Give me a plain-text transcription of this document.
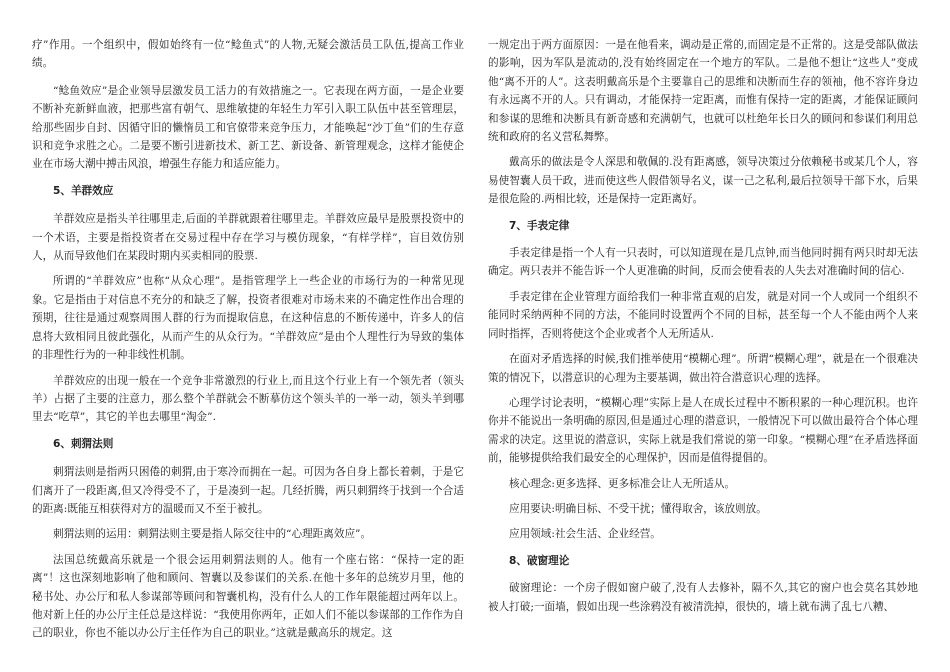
疗”作用。一个组织中，假如始终有一位“鲶鱼式”的人物,无疑会激活员工队伍,提高工作业绩。

“鲶鱼效应”是企业领导层激发员工活力的有效措施之一。它表现在两方面，一是企业要不断补充新鲜血液，把那些富有朝气、思维敏捷的年轻生力军引入职工队伍中甚至管理层，给那些固步自封、因循守旧的懒惰员工和官僚带来竞争压力，才能唤起“沙丁鱼”们的生存意识和竞争求胜之心。二是要不断引进新技术、新工艺、新设备、新管理观念，这样才能使企业在市场大潮中搏击风浪，增强生存能力和适应能力。

5、羊群效应

羊群效应是指头羊往哪里走,后面的羊群就跟着往哪里走。羊群效应最早是股票投资中的一个术语，主要是指投资者在交易过程中存在学习与模仿现象，“有样学样”，盲目效仿别人，从而导致他们在某段时期内买卖相同的股票.

所谓的“羊群效应”也称“从众心理”。是指管理学上一些企业的市场行为的一种常见现象。它是指由于对信息不充分的和缺乏了解，投资者很难对市场未来的不确定性作出合理的预期，往往是通过观察周围人群的行为而提取信息，在这种信息的不断传递中，许多人的信息将大致相同且彼此强化，从而产生的从众行为。“羊群效应”是由个人理性行为导致的集体的非理性行为的一种非线性机制。

羊群效应的出现一般在一个竞争非常激烈的行业上,而且这个行业上有一个领先者（领头羊）占据了主要的注意力，那么整个羊群就会不断摹仿这个领头羊的一举一动，领头羊到哪里去“吃草”，其它的羊也去哪里“淘金”.

6、刺猬法则

刺猬法则是指两只困倦的刺猬,由于寒冷而拥在一起。可因为各自身上都长着刺，于是它们离开了一段距离,但又冷得受不了，于是凑到一起。几经折腾，两只刺猬终于找到一个合适的距离:既能互相获得对方的温暖而又不至于被扎。

刺猬法则的运用：刺猬法则主要是指人际交往中的“心理距离效应”。

法国总统戴高乐就是一个很会运用刺猬法则的人。他有一个座右铭：“保持一定的距离”！这也深刻地影响了他和顾问、智囊以及参谋们的关系.在他十多年的总统岁月里，他的秘书处、办公厅和私人参谋部等顾问和智囊机构，没有什么人的工作年限能超过两年以上。他对新上任的办公厅主任总是这样说：“我使用你两年，正如人们不能以参谋部的工作作为自己的职业，你也不能以办公厅主任作为自己的职业。”这就是戴高乐的规定。这

一规定出于两方面原因：一是在他看来，调动是正常的,而固定是不正常的。这是受部队做法的影响，因为军队是流动的,没有始终固定在一个地方的军队。二是他不想让“这些人”变成他“离不开的人”。这表明戴高乐是个主要靠自己的思维和决断而生存的领袖，他不容许身边有永远离不开的人。只有调动，才能保持一定距离，而惟有保持一定的距离，才能保证顾问和参谋的思维和决断具有新奇感和充满朝气，也就可以杜绝年长日久的顾问和参谋们利用总统和政府的名义营私舞弊。

戴高乐的做法是令人深思和敬佩的.没有距离感，领导决策过分依赖秘书或某几个人，容易使智囊人员干政，进而使这些人假借领导名义，谋一己之私利,最后拉领导干部下水，后果是很危险的.两相比较，还是保持一定距离好。

7、手表定律

手表定律是指一个人有一只表时，可以知道现在是几点钟,而当他同时拥有两只时却无法确定。两只表并不能告诉一个人更准确的时间，反而会使看表的人失去对准确时间的信心.

手表定律在企业管理方面给我们一种非常直观的启发，就是对同一个人或同一个组织不能同时采纳两种不同的方法，不能同时设置两个不同的目标，甚至每一个人不能由两个人来同时指挥，否则将使这个企业或者个人无所适从.

在面对矛盾选择的时候,我们推举使用“模糊心理”。所谓“模糊心理”，就是在一个很难决策的情况下，以潜意识的心理为主要基调，做出符合潜意识心理的选择。

心理学讨论表明，“模糊心理”实际上是人在成长过程中不断积累的一种心理沉积。也许你并不能说出一条明确的原因,但是通过心理的潜意识，一般情况下可以做出最符合个体心理需求的决定。这里说的潜意识，实际上就是我们常说的第一印象。“模糊心理”在矛盾选择面前，能够提供给我们最安全的心理保护，因而是值得提倡的。

核心理念:更多选择、更多标准会让人无所适从。

应用要诀:明确目标、不受干扰；懂得取舍，该放则放。

应用领域:社会生活、企业经营。

8、破窗理论

破窗理论：一个房子假如窗户破了,没有人去修补，隔不久,其它的窗户也会莫名其妙地被人打破;一面墙，假如出现一些涂鸦没有被清洗掉，很快的，墙上就布满了乱七八糟、
